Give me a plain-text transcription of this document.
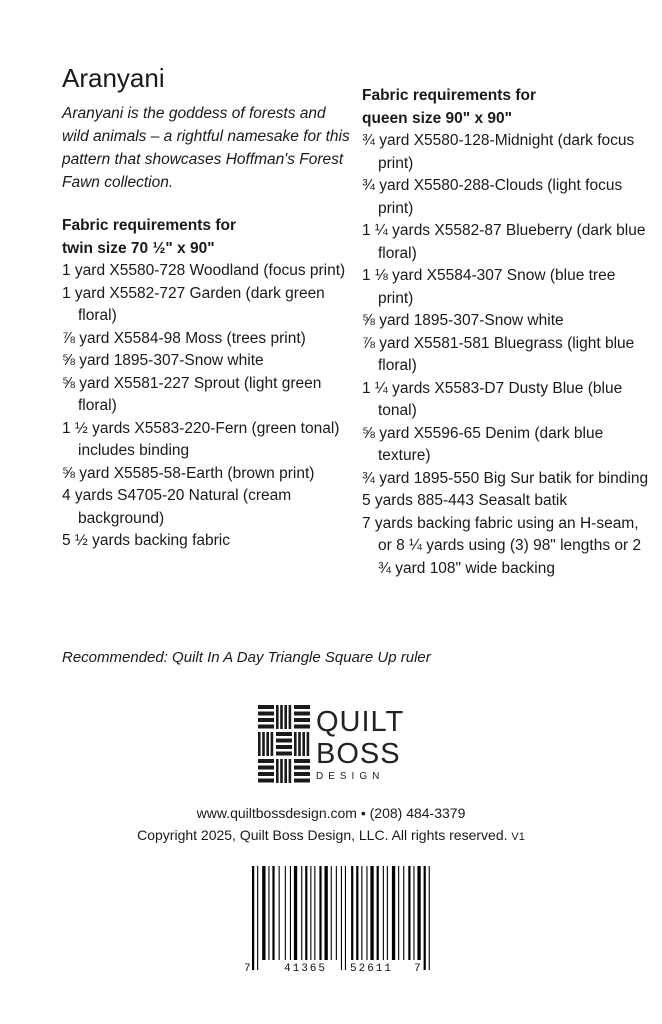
Aranyani

Aranyani is the goddess of forests and wild animals – a rightful namesake for this pattern that showcases Hoffman's Forest Fawn collection.

Fabric requirements for

twin size 70 ½" x 90"

1 yard X5580-728 Woodland (focus print)
1 yard X5582-727 Garden (dark green floral)
⅞ yard X5584-98 Moss (trees print)
⅝ yard 1895-307-Snow white
⅝ yard X5581-227 Sprout (light green floral)
1 ½ yards X5583-220-Fern (green tonal) includes binding
⅝ yard X5585-58-Earth (brown print)
4 yards S4705-20 Natural (cream background)
5 ½ yards backing fabric

Fabric requirements for

queen size 90" x 90"

¾ yard X5580-128-Midnight (dark focus print)
¾ yard X5580-288-Clouds (light focus print)
1 ¼ yards X5582-87 Blueberry (dark blue floral)
1 ⅛ yard X5584-307 Snow (blue tree print)
⅝ yard 1895-307-Snow white
⅞ yard X5581-581 Bluegrass (light blue floral)
1 ¼ yards X5583-D7 Dusty Blue (blue tonal)
⅝ yard X5596-65 Denim (dark blue texture)
¾ yard 1895-550 Big Sur batik for binding
5 yards 885-443 Seasalt batik
7 yards backing fabric using an H-seam, or 8 ¼ yards using (3) 98" lengths or 2 ¾ yard 108" wide backing

Recommended: Quilt In A Day Triangle Square Up ruler

QUILT
BOSS
DESIGN
www.quiltbossdesign.com • (208) 484-3379
Copyright 2025, Quilt Boss Design, LLC. All rights reserved. V1
7	41365 52611 7
